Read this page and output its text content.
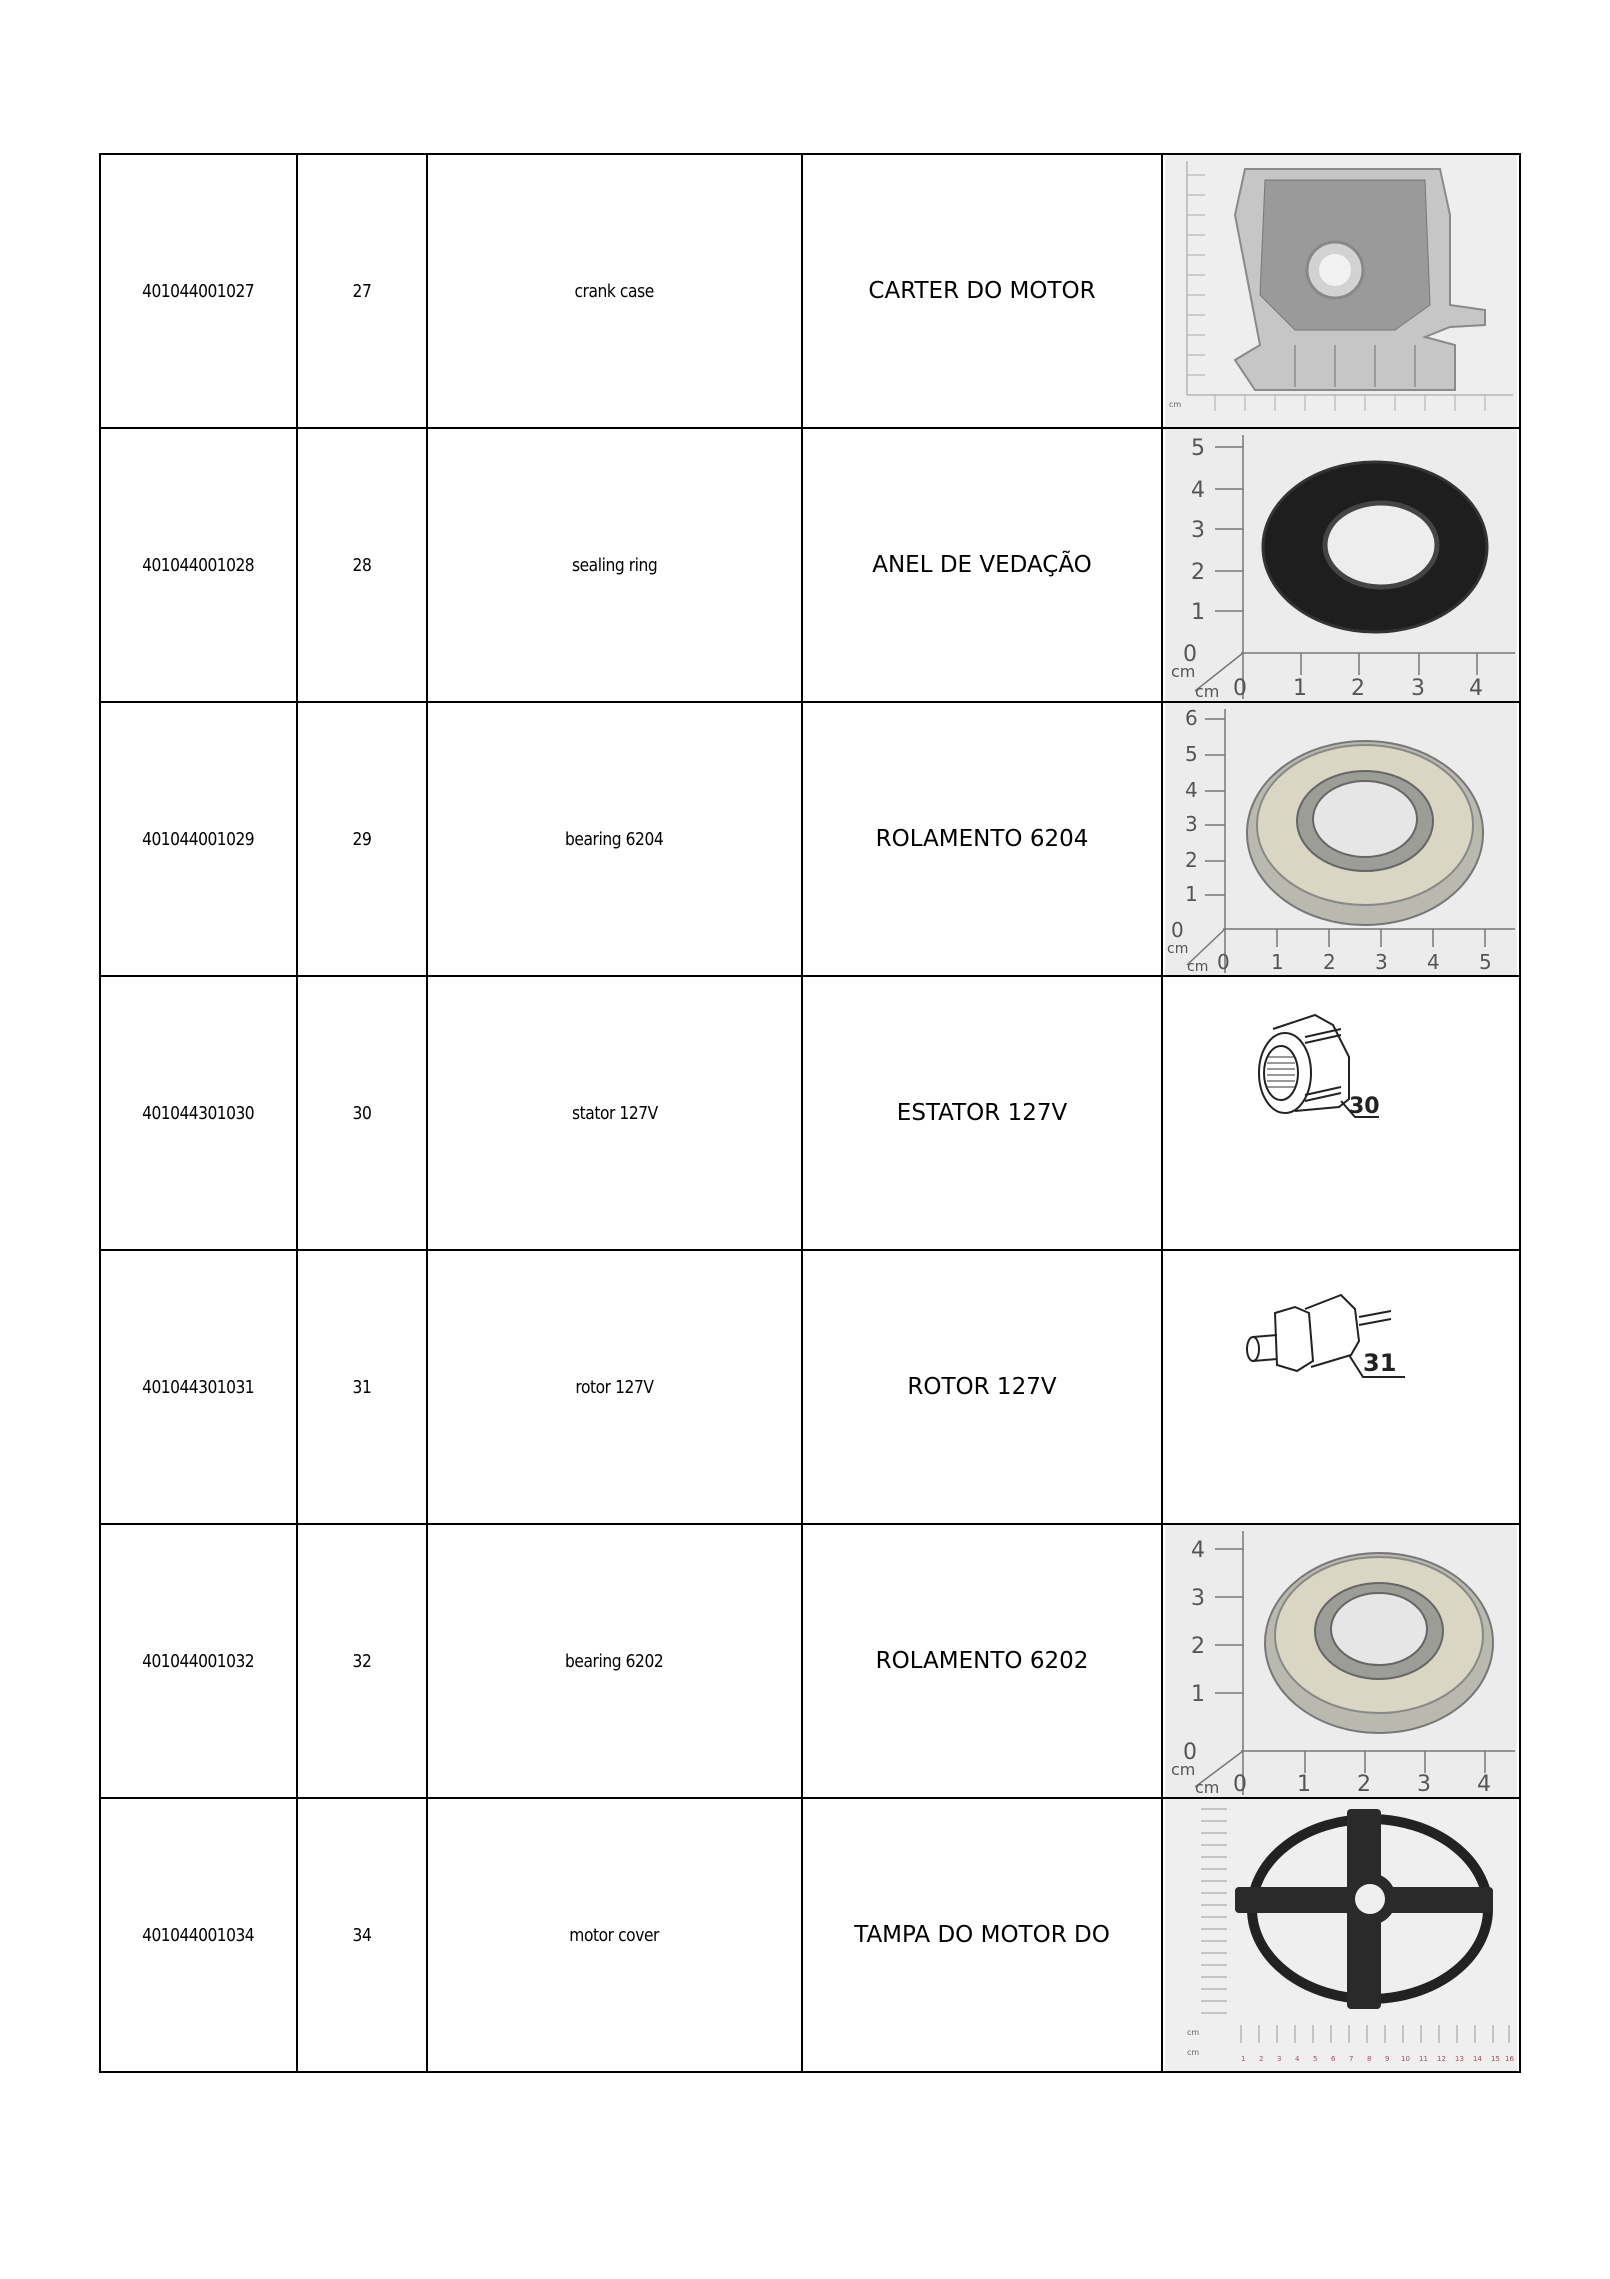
401044001027	27	crank case	CARTER DO MOTOR	cm

401044001028	28	sealing ring	ANEL DE VEDAÇÃO	
5
4
3
2
1
0
0 1 2 3 4
cm
cm

401044001029	29	bearing 6204	ROLAMENTO 6204	
6
5
4
3
2
1
0
0 1 2 3 4 5
cm
cm

401044301030	30	stator 127V	ESTATOR 127V	30

401044301031	31	rotor 127V	ROTOR 127V	31

401044001032	32	bearing 6202	ROLAMENTO 6202	
4
3
2
1
0
0 1 2 3 4
cm
cm

401044001034	34	motor cover	TAMPA DO MOTOR DO	
1 2 3 4 5 6 7 8 9 10 11 12 13 14 15 16
cm
cm
